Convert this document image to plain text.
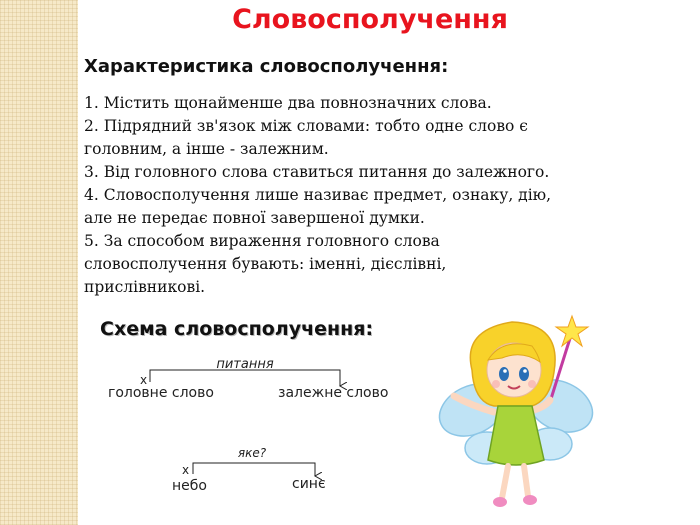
Словосполучення
Характеристика словосполучення:
1. Містить щонайменше два повнозначних слова.
2. Підрядний зв'язок між словами: тобто одне слово є
головним, а інше - залежним.
3. Від головного слова ставиться питання до залежного.
4. Словосполучення лише називає предмет, ознаку, дію,
але не передає повної завершеної думки.
5. За способом вираження головного слова
словосполучення бувають: іменні, дієслівні,
прислівникові.
Схема словосполучення:
питання
x
головне слово	залежне слово
яке?
x
небо	синє
